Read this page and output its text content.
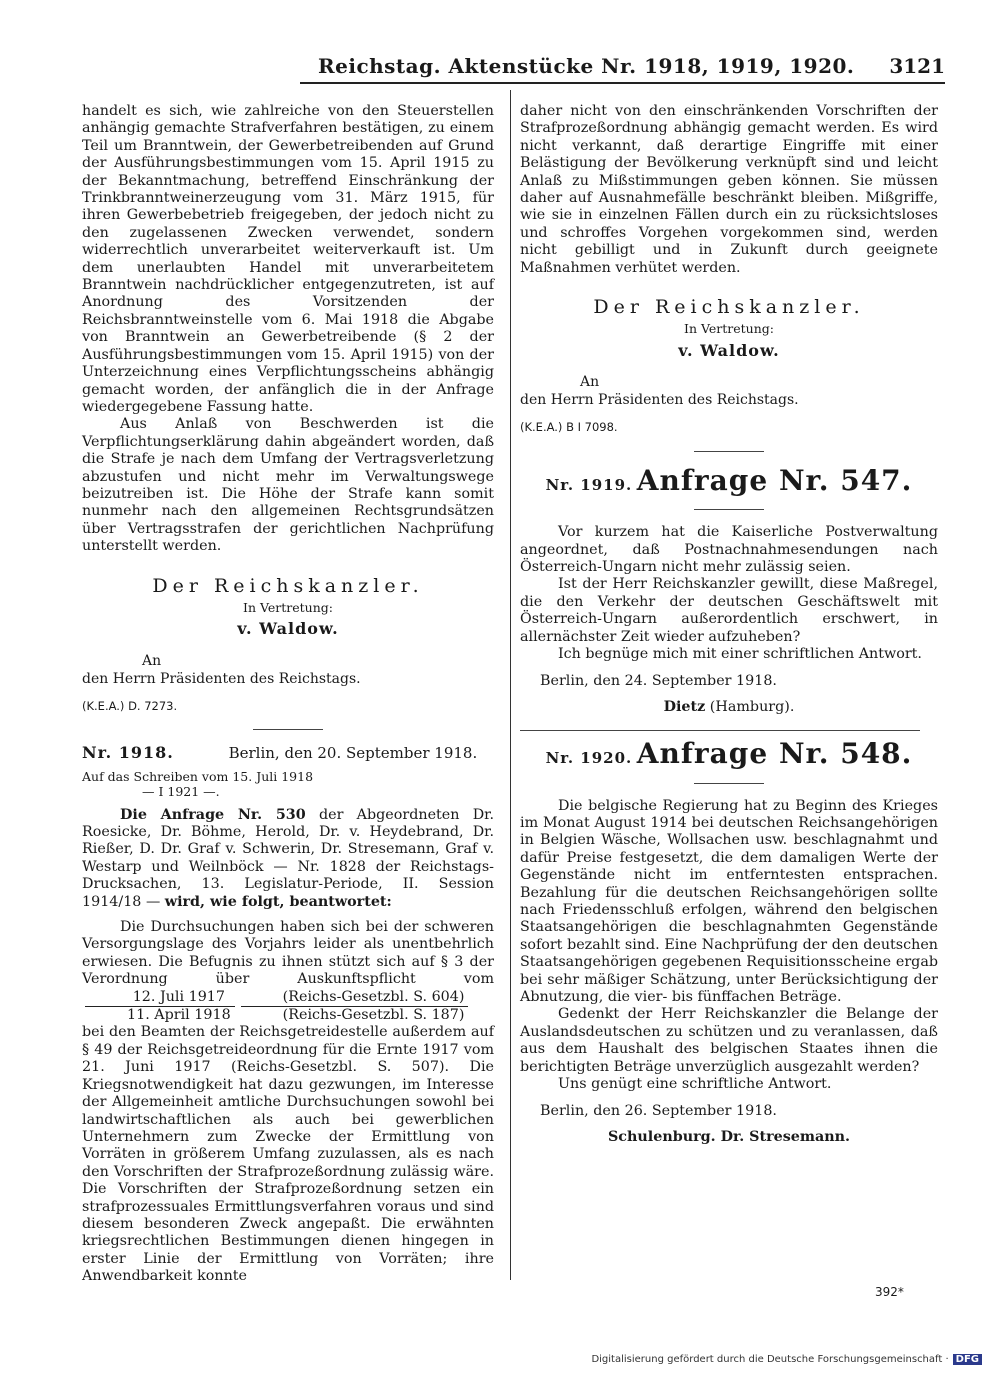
Reichstag. Aktenstücke Nr. 1918, 1919, 1920. 3121

handelt es sich, wie zahlreiche von den Steuerstellen anhängig gemachte Strafverfahren bestätigen, zu einem Teil um Branntwein, der Gewerbetreibenden auf Grund der Ausführungsbestimmungen vom 15. April 1915 zu der Bekanntmachung, betreffend Einschränkung der Trinkbranntweinerzeugung vom 31. März 1915, für ihren Gewerbebetrieb freigegeben, der jedoch nicht zu den zugelassenen Zwecken verwendet, sondern widerrechtlich unverarbeitet weiterverkauft ist. Um dem unerlaubten Handel mit unverarbeitetem Branntwein nachdrücklicher entgegenzutreten, ist auf Anordnung des Vorsitzenden der Reichsbranntweinstelle vom 6. Mai 1918 die Abgabe von Branntwein an Gewerbetreibende (§ 2 der Ausführungsbestimmungen vom 15. April 1915) von der Unterzeichnung eines Verpflichtungsscheins abhängig gemacht worden, der anfänglich die in der Anfrage wiedergegebene Fassung hatte.

Aus Anlaß von Beschwerden ist die Verpflichtungserklärung dahin abgeändert worden, daß die Strafe je nach dem Umfang der Vertragsverletzung abzustufen und nicht mehr im Verwaltungswege beizutreiben ist. Die Höhe der Strafe kann somit nunmehr nach den allgemeinen Rechtsgrundsätzen über Vertragsstrafen der gerichtlichen Nachprüfung unterstellt werden.

Der Reichskanzler.
In Vertretung:
v. Waldow.
An
den Herrn Präsidenten des Reichstags.
(K.E.A.) D. 7273.
Nr. 1918.	Berlin, den 20. September 1918.
Auf das Schreiben vom 15. Juli 1918
— I 1921 —.

Die Anfrage Nr. 530 der Abgeordneten Dr. Roesicke, Dr. Böhme, Herold, Dr. v. Heydebrand, Dr. Rießer, D. Dr. Graf v. Schwerin, Dr. Stresemann, Graf v. Westarp und Weilnböck — Nr. 1828 der Reichstags-Drucksachen, 13. Legislatur-Periode, II. Session 1914/18 — wird, wie folgt, beantwortet:

Die Durchsuchungen haben sich bei der schweren Versorgungslage des Vorjahrs leider als unentbehrlich erwiesen. Die Befugnis zu ihnen stützt sich auf § 3 der Verordnung über Auskunftspflicht vom
$\frac{\text{12. Juli 1917}}{\text{11. April 1918}} \frac{\text{(Reichs-Gesetzbl. S. 604)}}{\text{(Reichs-Gesetzbl. S. 187)}}$
bei den Beamten der Reichsgetreidestelle außerdem auf § 49 der Reichsgetreideordnung für die Ernte 1917 vom 21. Juni 1917 (Reichs-Gesetzbl. S. 507). Die Kriegsnotwendigkeit hat dazu gezwungen, im Interesse der Allgemeinheit amtliche Durchsuchungen sowohl bei landwirtschaftlichen als auch bei gewerblichen Unternehmern zum Zwecke der Ermittlung von Vorräten in größerem Umfang zuzulassen, als es nach den Vorschriften der Strafprozeßordnung zulässig wäre. Die Vorschriften der Strafprozeßordnung setzen ein strafprozessuales Ermittlungsverfahren voraus und sind diesem besonderen Zweck angepaßt. Die erwähnten kriegsrechtlichen Bestimmungen dienen hingegen in erster Linie der Ermittlung von Vorräten; ihre Anwendbarkeit konnte

daher nicht von den einschränkenden Vorschriften der Strafprozeßordnung abhängig gemacht werden. Es wird nicht verkannt, daß derartige Eingriffe mit einer Belästigung der Bevölkerung verknüpft sind und leicht Anlaß zu Mißstimmungen geben können. Sie müssen daher auf Ausnahmefälle beschränkt bleiben. Mißgriffe, wie sie in einzelnen Fällen durch ein zu rücksichtsloses und schroffes Vorgehen vorgekommen sind, werden nicht gebilligt und in Zukunft durch geeignete Maßnahmen verhütet werden.

Der Reichskanzler.
In Vertretung:
v. Waldow.
An
den Herrn Präsidenten des Reichstags.
(K.E.A.) B I 7098.
Nr. 1919. Anfrage Nr. 547.

Vor kurzem hat die Kaiserliche Postverwaltung angeordnet, daß Postnachnahmesendungen nach Österreich-Ungarn nicht mehr zulässig seien.

Ist der Herr Reichskanzler gewillt, diese Maßregel, die den Verkehr der deutschen Geschäftswelt mit Österreich-Ungarn außerordentlich erschwert, in allernächster Zeit wieder aufzuheben?

Ich begnüge mich mit einer schriftlichen Antwort.

Berlin, den 24. September 1918.
Dietz (Hamburg).
Nr. 1920. Anfrage Nr. 548.

Die belgische Regierung hat zu Beginn des Krieges im Monat August 1914 bei deutschen Reichsangehörigen in Belgien Wäsche, Wollsachen usw. beschlagnahmt und dafür Preise festgesetzt, die dem damaligen Werte der Gegenstände nicht im entferntesten entsprachen. Bezahlung für die deutschen Reichsangehörigen sollte nach Friedensschluß erfolgen, während den belgischen Staatsangehörigen die beschlagnahmten Gegenstände sofort bezahlt sind. Eine Nachprüfung der den deutschen Staatsangehörigen gegebenen Requisitionsscheine ergab bei sehr mäßiger Schätzung, unter Berücksichtigung der Abnutzung, die vier- bis fünffachen Beträge.

Gedenkt der Herr Reichskanzler die Belange der Auslandsdeutschen zu schützen und zu veranlassen, daß aus dem Haushalt des belgischen Staates ihnen die berichtigten Beträge unverzüglich ausgezahlt werden?

Uns genügt eine schriftliche Antwort.

Berlin, den 26. September 1918.
Schulenburg. Dr. Stresemann.
392*
Digitalisierung gefördert durch die Deutsche Forschungsgemeinschaft · DFG
